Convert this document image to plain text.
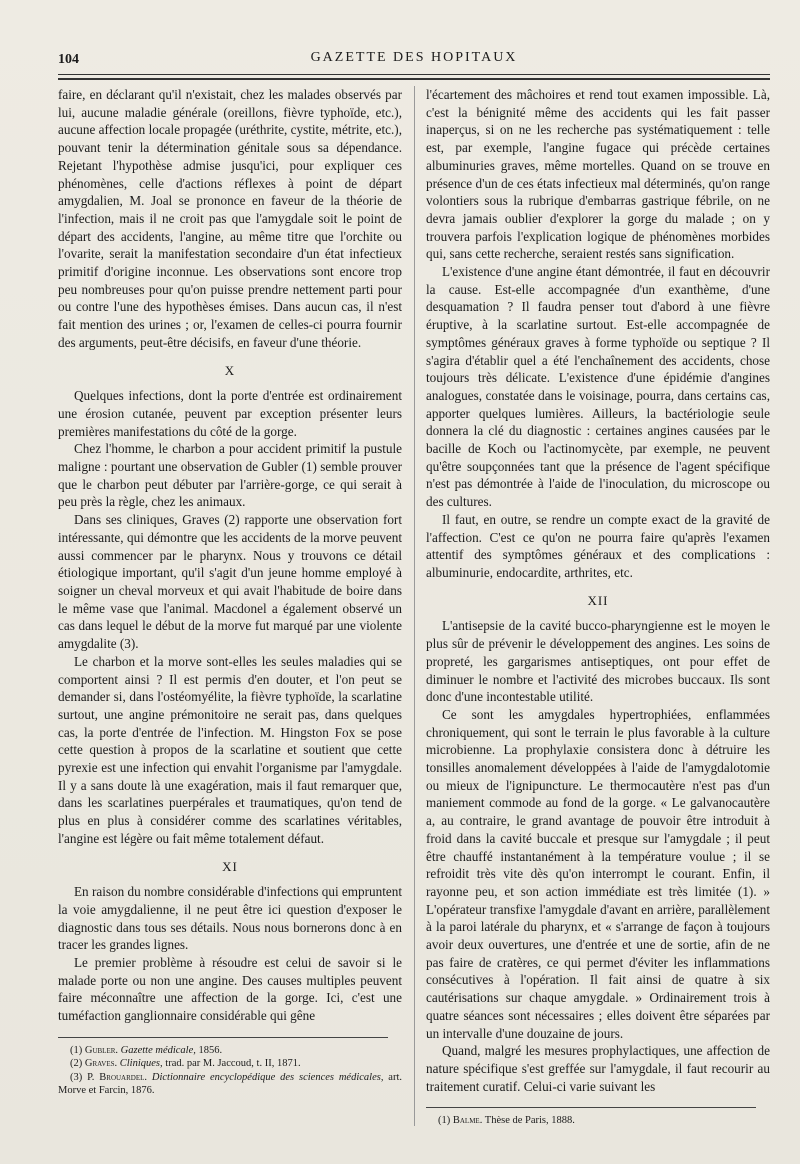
104	GAZETTE DES HOPITAUX

faire, en déclarant qu'il n'existait, chez les malades observés par lui, aucune maladie générale (oreillons, fièvre typhoïde, etc.), aucune affection locale propagée (uréthrite, cystite, métrite, etc.), pouvant tenir la détermination génitale sous sa dépendance. Rejetant l'hypothèse admise jusqu'ici, pour expliquer ces phénomènes, celle d'actions réflexes à point de départ amygdalien, M. Joal se prononce en faveur de la théorie de l'infection, mais il ne croit pas que l'amygdale soit le point de départ des accidents, l'angine, au même titre que l'orchite ou l'ovarite, serait la manifestation secondaire d'un état infectieux primitif d'origine inconnue. Les observations sont encore trop peu nombreuses pour qu'on puisse prendre nettement parti pour ou contre l'une des hypothèses émises. Dans aucun cas, il n'est fait mention des urines ; or, l'examen de celles-ci pourra fournir des arguments, peut-être décisifs, en faveur d'une théorie.

X

Quelques infections, dont la porte d'entrée est ordinairement une érosion cutanée, peuvent par exception présenter leurs premières manifestations du côté de la gorge.

Chez l'homme, le charbon a pour accident primitif la pustule maligne : pourtant une observation de Gubler (1) semble prouver que le charbon peut débuter par l'arrière-gorge, ce qui serait à peu près la règle, chez les animaux.

Dans ses cliniques, Graves (2) rapporte une observation fort intéressante, qui démontre que les accidents de la morve peuvent aussi commencer par le pharynx. Nous y trouvons ce détail étiologique important, qu'il s'agit d'un jeune homme employé à soigner un cheval morveux et qui avait l'habitude de boire dans le même vase que l'animal. Macdonel a également observé un cas dans lequel le début de la morve fut marqué par une violente amygdalite (3).

Le charbon et la morve sont-elles les seules maladies qui se comportent ainsi ? Il est permis d'en douter, et l'on peut se demander si, dans l'ostéomyélite, la fièvre typhoïde, la scarlatine surtout, une angine prémonitoire ne serait pas, dans quelques cas, la porte d'entrée de l'infection. M. Hingston Fox se pose cette question à propos de la scarlatine et soutient que cette pyrexie est une infection qui envahit l'organisme par l'amygdale. Il y a sans doute là une exagération, mais il faut remarquer que, dans les scarlatines puerpérales et traumatiques, qu'on tend de plus en plus à considérer comme des scarlatines véritables, l'angine est légère ou fait même totalement défaut.

XI

En raison du nombre considérable d'infections qui empruntent la voie amygdalienne, il ne peut être ici question d'exposer le diagnostic dans tous ses détails. Nous nous bornerons donc à en tracer les grandes lignes.

Le premier problème à résoudre est celui de savoir si le malade porte ou non une angine. Des causes multiples peuvent faire méconnaître une affection de la gorge. Ici, c'est une tuméfaction ganglionnaire considérable qui gêne

(1) Gubler. Gazette médicale, 1856.
(2) Graves. Cliniques, trad. par M. Jaccoud, t. II, 1871.
(3) P. Brouardel. Dictionnaire encyclopédique des sciences médicales, art. Morve et Farcin, 1876.

l'écartement des mâchoires et rend tout examen impossible. Là, c'est la bénignité même des accidents qui les fait passer inaperçus, si on ne les recherche pas systématiquement : telle est, par exemple, l'angine fugace qui précède certaines albuminuries graves, même mortelles. Quand on se trouve en présence d'un de ces états infectieux mal déterminés, qu'on range volontiers sous la rubrique d'embarras gastrique fébrile, on ne devra jamais oublier d'explorer la gorge du malade ; on y trouvera parfois l'explication logique de phénomènes morbides qui, sans cette recherche, seraient restés sans signification.

L'existence d'une angine étant démontrée, il faut en découvrir la cause. Est-elle accompagnée d'un exanthème, d'une desquamation ? Il faudra penser tout d'abord à une fièvre éruptive, à la scarlatine surtout. Est-elle accompagnée de symptômes généraux graves à forme typhoïde ou septique ? Il s'agira d'établir quel a été l'enchaînement des accidents, chose toujours très délicate. L'existence d'une épidémie d'angines analogues, constatée dans le voisinage, pourra, dans certains cas, apporter quelques lumières. Ailleurs, la bactériologie seule donnera la clé du diagnostic : certaines angines causées par le bacille de Koch ou l'actinomycète, par exemple, ne peuvent qu'être soupçonnées tant que la présence de l'agent spécifique n'est pas démontrée à l'aide de l'inoculation, du microscope ou des cultures.

Il faut, en outre, se rendre un compte exact de la gravité de l'affection. C'est ce qu'on ne pourra faire qu'après l'examen attentif des symptômes généraux et des complications : albuminurie, endocardite, arthrites, etc.

XII

L'antisepsie de la cavité bucco-pharyngienne est le moyen le plus sûr de prévenir le développement des angines. Les soins de propreté, les gargarismes antiseptiques, ont pour effet de diminuer le nombre et l'activité des microbes buccaux. Ils sont donc d'une incontestable utilité.

Ce sont les amygdales hypertrophiées, enflammées chroniquement, qui sont le terrain le plus favorable à la culture microbienne. La prophylaxie consistera donc à détruire les tonsilles anomalement développées à l'aide de l'amygdalotomie ou mieux de l'ignipuncture. Le thermocautère n'est pas d'un maniement commode au fond de la gorge. « Le galvanocautère a, au contraire, le grand avantage de pouvoir être introduit à froid dans la cavité buccale et presque sur l'amygdale ; il peut être chauffé instantanément à la température voulue ; il se refroidit très vite dès qu'on interrompt le courant. Enfin, il rayonne peu, et son action immédiate est très limitée (1). » L'opérateur transfixe l'amygdale d'avant en arrière, parallèlement à la paroi latérale du pharynx, et « s'arrange de façon à toujours avoir deux ouvertures, une d'entrée et une de sortie, afin de ne pas faire de cratères, ce qui permet d'éviter les inflammations consécutives à l'opération. Il fait ainsi de quatre à six cautérisations sur chaque amygdale. » Ordinairement trois à quatre séances sont nécessaires ; elles doivent être séparées par un intervalle d'une douzaine de jours.

Quand, malgré les mesures prophylactiques, une affection de nature spécifique s'est greffée sur l'amygdale, il faut recourir au traitement curatif. Celui-ci varie suivant les

(1) Balme. Thèse de Paris, 1888.
